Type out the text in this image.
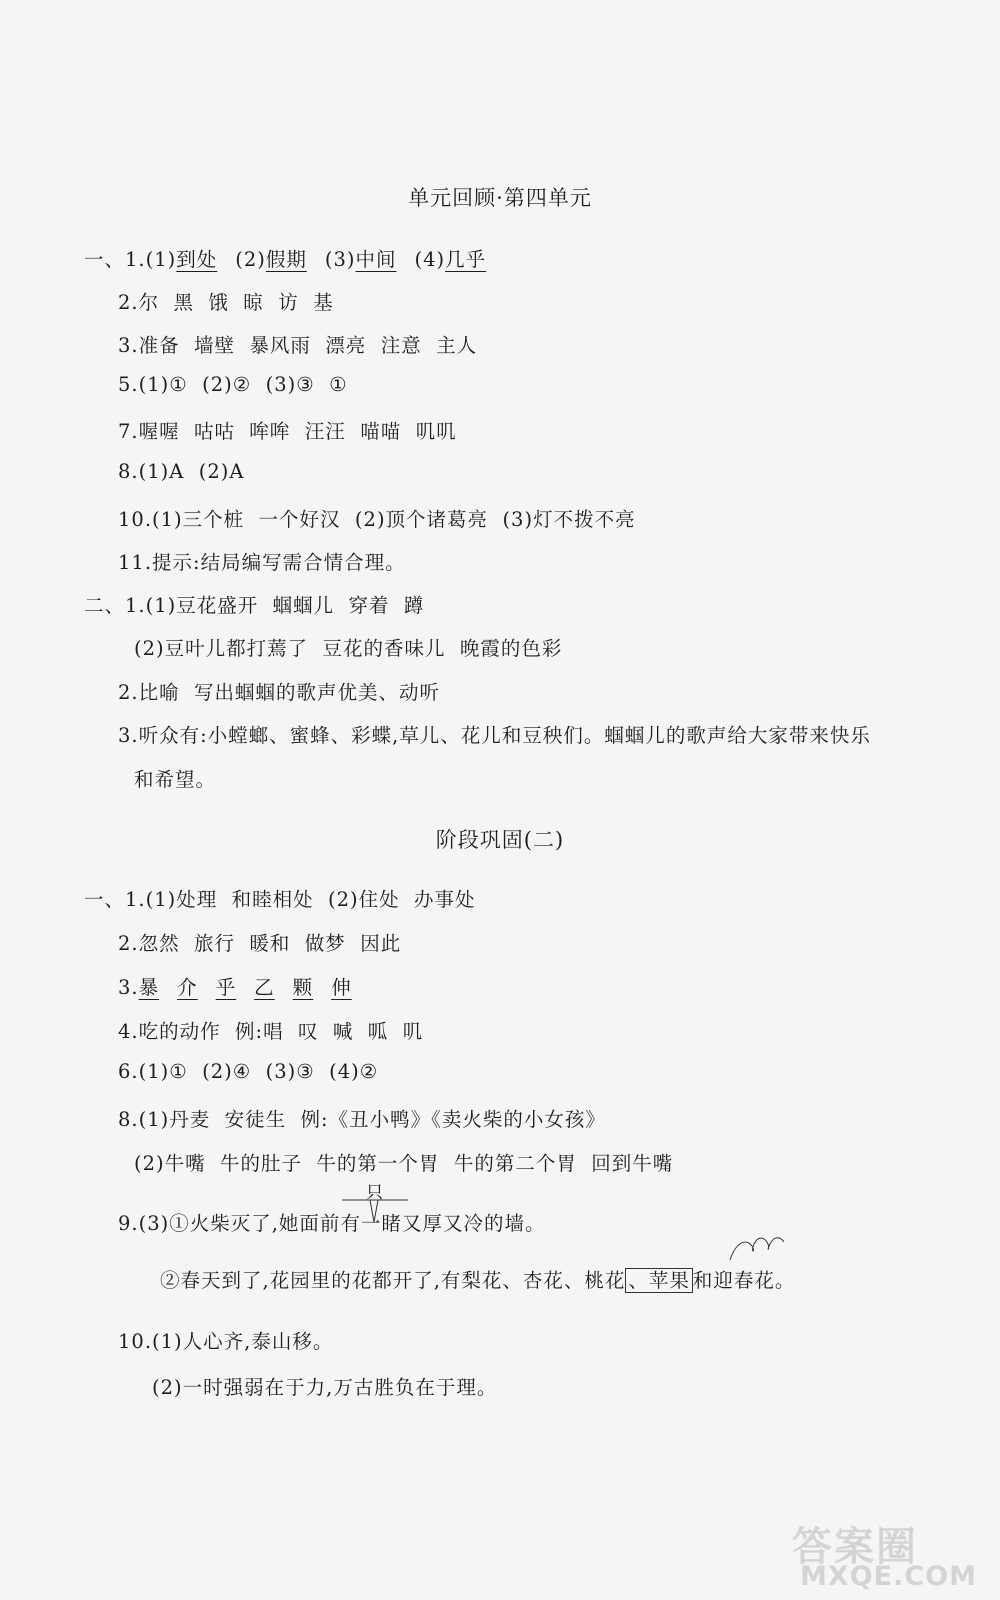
单元回顾·第四单元
一、1.(1)到处 (2)假期 (3)中间 (4)几乎
2.尔  黑  饿  晾  访  基
3.准备  墙壁  暴风雨  漂亮  注意  主人
5.(1)①  (2)②  (3)③  ①
7.喔喔  咕咕  哞哞  汪汪  喵喵  叽叽
8.(1)A  (2)A
10.(1)三个桩  一个好汉  (2)顶个诸葛亮  (3)灯不拨不亮
11.提示:结局编写需合情合理。
二、1.(1)豆花盛开  蝈蝈儿  穿着  蹲
(2)豆叶儿都打蔫了  豆花的香味儿  晚霞的色彩
2.比喻  写出蝈蝈的歌声优美、动听
3.听众有:小螳螂、蜜蜂、彩蝶,草儿、花儿和豆秧们。蝈蝈儿的歌声给大家带来快乐
和希望。
阶段巩固(二)
一、1.(1)处理  和睦相处  (2)住处  办事处
2.忽然  旅行  暖和  做梦  因此
3.暴 介 乎 乙 颗 伸
4.吃的动作  例:唱  叹  喊  呱  叽
6.(1)①  (2)④  (3)③  (4)②
8.(1)丹麦  安徒生  例:《丑小鸭》《卖火柴的小女孩》
(2)牛嘴  牛的肚子  牛的第一个胃  牛的第二个胃  回到牛嘴
只
9.(3)①火柴灭了,她面前有一睹又厚又冷的墙。
②春天到了,花园里的花都开了,有梨花、杏花、桃花 、苹果 和迎春花。
10.(1)人心齐,泰山移。
(2)一时强弱在于力,万古胜负在于理。
答案圈
MXQE.COM
